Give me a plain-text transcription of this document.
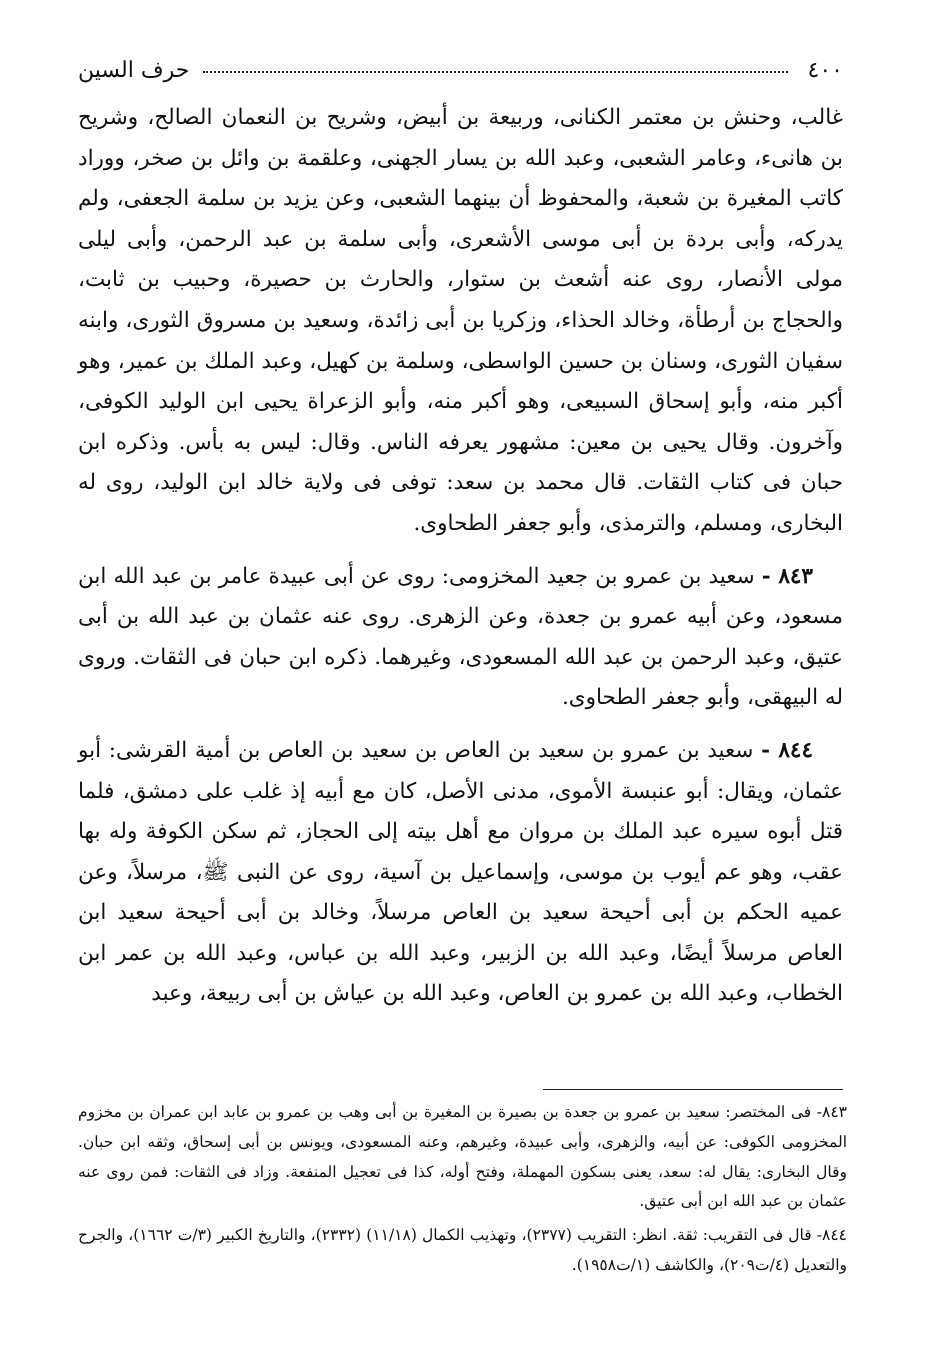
٤٠٠
حرف السين

غالب، وحنش بن معتمر الكنانى، وربيعة بن أبيض، وشريح بن النعمان الصالح، وشريح بن هانىء، وعامر الشعبى، وعبد الله بن يسار الجهنى، وعلقمة بن وائل بن صخر، ووراد كاتب المغيرة بن شعبة، والمحفوظ أن بينهما الشعبى، وعن يزيد بن سلمة الجعفى، ولم يدركه، وأبى بردة بن أبى موسى الأشعرى، وأبى سلمة بن عبد الرحمن، وأبى ليلى مولى الأنصار، روى عنه أشعث بن ستوار، والحارث بن حصيرة، وحبيب بن ثابت، والحجاج بن أرطأة، وخالد الحذاء، وزكريا بن أبى زائدة، وسعيد بن مسروق الثورى، وابنه سفيان الثورى، وسنان بن حسين الواسطى، وسلمة بن كهيل، وعبد الملك بن عمير، وهو أكبر منه، وأبو إسحاق السبيعى، وهو أكبر منه، وأبو الزعراة يحيى ابن الوليد الكوفى، وآخرون. وقال يحيى بن معين: مشهور يعرفه الناس. وقال: ليس به بأس. وذكره ابن حبان فى كتاب الثقات. قال محمد بن سعد: توفى فى ولاية خالد ابن الوليد، روى له البخارى، ومسلم، والترمذى، وأبو جعفر الطحاوى.

٨٤٣ - سعيد بن عمرو بن جعيد المخزومى: روى عن أبى عبيدة عامر بن عبد الله ابن مسعود، وعن أبيه عمرو بن جعدة، وعن الزهرى. روى عنه عثمان بن عبد الله بن أبى عتيق، وعبد الرحمن بن عبد الله المسعودى، وغيرهما. ذكره ابن حبان فى الثقات. وروى له البيهقى، وأبو جعفر الطحاوى.

٨٤٤ - سعيد بن عمرو بن سعيد بن العاص بن سعيد بن العاص بن أمية القرشى: أبو عثمان، ويقال: أبو عنبسة الأموى، مدنى الأصل، كان مع أبيه إذ غلب على دمشق، فلما قتل أبوه سيره عبد الملك بن مروان مع أهل بيته إلى الحجاز، ثم سكن الكوفة وله بها عقب، وهو عم أيوب بن موسى، وإسماعيل بن آسية، روى عن النبى ﷺ، مرسلاً، وعن عميه الحكم بن أبى أحيحة سعيد بن العاص مرسلاً، وخالد بن أبى أحيحة سعيد ابن العاص مرسلاً أيضًا، وعبد الله بن الزبير، وعبد الله بن عباس، وعبد الله بن عمر ابن الخطاب، وعبد الله بن عمرو بن العاص، وعبد الله بن عياش بن أبى ربيعة، وعبد

٨٤٣- فى المختصر: سعيد بن عمرو بن جعدة بن بصيرة بن المغيرة بن أبى وهب بن عمرو بن عابد ابن عمران بن مخزوم المخزومى الكوفى: عن أبيه، والزهرى، وأبى عبيدة، وغيرهم، وعنه المسعودى، ويونس بن أبى إسحاق، وثقه ابن حبان. وقال البخارى: يقال له: سعد، يعنى بسكون المهملة، وفتح أوله، كذا فى تعجيل المنفعة. وزاد فى الثقات: فمن روى عنه عثمان بن عبد الله ابن أبى عتيق.

٨٤٤- قال فى التقريب: ثقة. انظر: التقريب (٢٣٧٧)، وتهذيب الكمال (١١/١٨) (٢٣٣٢)، والتاريخ الكبير (٣/ت ١٦٦٢)، والجرح والتعديل (٤/ت٢٠٩)، والكاشف (١/ت١٩٥٨).
